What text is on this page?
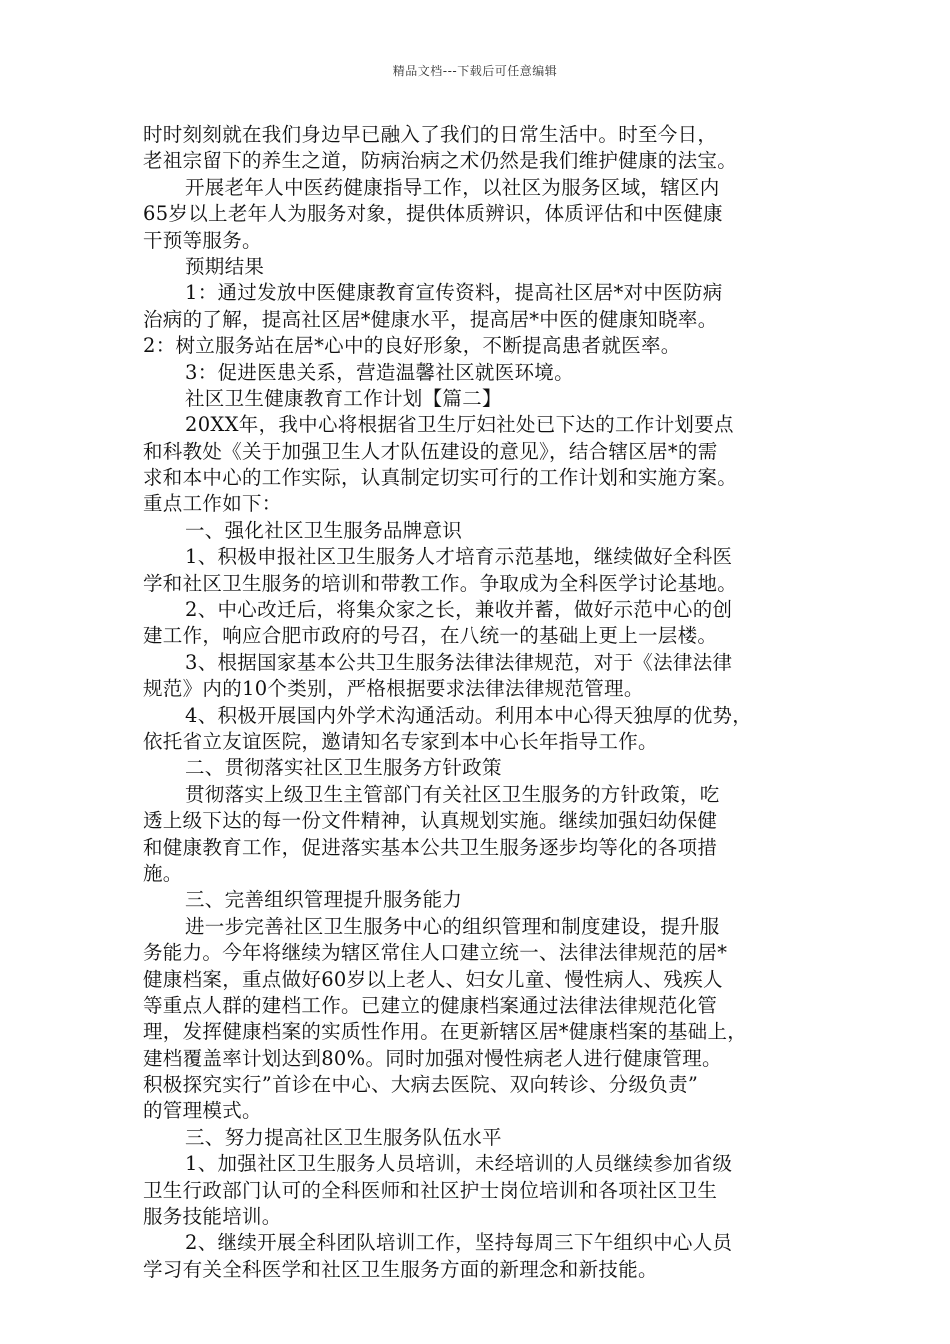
精品文档---下载后可任意编辑
时时刻刻就在我们身边早已融入了我们的日常生活中。时至今日，
老祖宗留下的养生之道，防病治病之术仍然是我们维护健康的法宝。
开展老年人中医药健康指导工作，以社区为服务区域，辖区内
65岁以上老年人为服务对象，提供体质辨识，体质评估和中医健康
干预等服务。
预期结果
1：通过发放中医健康教育宣传资料，提高社区居*对中医防病
治病的了解，提高社区居*健康水平，提高居*中医的健康知晓率。
2：树立服务站在居*心中的良好形象，不断提高患者就医率。
3：促进医患关系，营造温馨社区就医环境。
社区卫生健康教育工作计划【篇二】
20XX年，我中心将根据省卫生厅妇社处已下达的工作计划要点
和科教处《关于加强卫生人才队伍建设的意见》，结合辖区居*的需
求和本中心的工作实际，认真制定切实可行的工作计划和实施方案。
重点工作如下：
一、强化社区卫生服务品牌意识
1、积极申报社区卫生服务人才培育示范基地，继续做好全科医
学和社区卫生服务的培训和带教工作。争取成为全科医学讨论基地。
2、中心改迁后，将集众家之长，兼收并蓄，做好示范中心的创
建工作，响应合肥市政府的号召，在八统一的基础上更上一层楼。
3、根据国家基本公共卫生服务法律法律规范，对于《法律法律
规范》内的10个类别，严格根据要求法律法律规范管理。
4、积极开展国内外学术沟通活动。利用本中心得天独厚的优势，
依托省立友谊医院，邀请知名专家到本中心长年指导工作。
二、贯彻落实社区卫生服务方针政策
贯彻落实上级卫生主管部门有关社区卫生服务的方针政策，吃
透上级下达的每一份文件精神，认真规划实施。继续加强妇幼保健
和健康教育工作，促进落实基本公共卫生服务逐步均等化的各项措
施。
三、完善组织管理提升服务能力
进一步完善社区卫生服务中心的组织管理和制度建设，提升服
务能力。今年将继续为辖区常住人口建立统一、法律法律规范的居*
健康档案，重点做好60岁以上老人、妇女儿童、慢性病人、残疾人
等重点人群的建档工作。已建立的健康档案通过法律法律规范化管
理，发挥健康档案的实质性作用。在更新辖区居*健康档案的基础上，
建档覆盖率计划达到80%。同时加强对慢性病老人进行健康管理。
积极探究实行”首诊在中心、大病去医院、双向转诊、分级负责”
的管理模式。
三、努力提高社区卫生服务队伍水平
1、加强社区卫生服务人员培训，未经培训的人员继续参加省级
卫生行政部门认可的全科医师和社区护士岗位培训和各项社区卫生
服务技能培训。
2、继续开展全科团队培训工作，坚持每周三下午组织中心人员
学习有关全科医学和社区卫生服务方面的新理念和新技能。
